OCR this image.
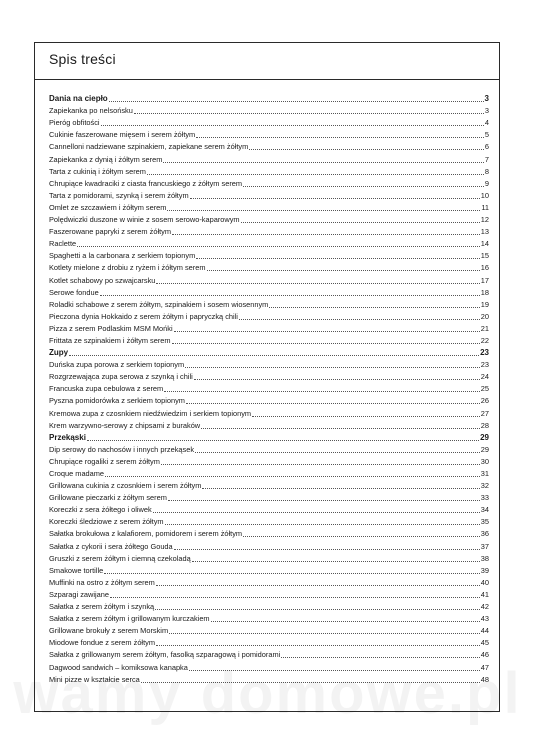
Spis treści
Dania na ciepło	3
Zapiekanka po nelsońsku	3
Pieróg obfitości	4
Cukinie faszerowane mięsem i serem żółtym	5
Cannelloni nadziewane szpinakiem, zapiekane serem żółtym	6
Zapiekanka z dynią i żółtym serem	7
Tarta z cukinią i żółtym serem	8
Chrupiące kwadraciki z ciasta francuskiego z żółtym serem	9
Tarta z pomidorami, szynką i serem żółtym	10
Omlet ze szczawiem i żółtym serem	11
Polędwiczki duszone w winie z sosem serowo-kaparowym	12
Faszerowane papryki z serem żółtym	13
Raclette	14
Spaghetti a la carbonara z serkiem topionym	15
Kotlety mielone z drobiu z ryżem i żółtym serem	16
Kotlet schabowy po szwajcarsku	17
Serowe fondue	18
Roladki schabowe z serem żółtym, szpinakiem i sosem wiosennym	19
Pieczona dynia Hokkaido z serem żółtym i papryczką chili	20
Pizza z serem Podlaskim MSM Mońki	21
Frittata ze szpinakiem i żółtym serem	22
Zupy	23
Duńska zupa porowa z serkiem topionym	23
Rozgrzewająca zupa serowa z szynką i chili	24
Francuska zupa cebulowa z serem	25
Pyszna pomidorówka z serkiem topionym	26
Kremowa zupa z czosnkiem niedźwiedzim i serkiem topionym	27
Krem warzywno-serowy z chipsami z buraków	28
Przekąski	29
Dip serowy do nachosów i innych przekąsek	29
Chrupiące rogaliki z serem żółtym	30
Croque madame	31
Grillowana cukinia z czosnkiem i serem żółtym	32
Grillowane pieczarki z żółtym serem	33
Koreczki z sera żółtego i oliwek	34
Koreczki śledziowe z serem żółtym	35
Sałatka brokułowa z kalafiorem, pomidorem i serem żółtym	36
Sałatka z cykorii i sera żółtego Gouda	37
Gruszki z serem żółtym i ciemną czekoladą	38
Smakowe tortille	39
Muffinki na ostro z żółtym serem	40
Szparagi zawijane	41
Sałatka z serem żółtym i szynką	42
Sałatka z serem żółtym i grillowanym kurczakiem	43
Grillowane brokuły z serem Morskim	44
Miodowe fondue z serem żółtym	45
Sałatka z grillowanym serem żółtym, fasolką szparagową i pomidorami	46
Dagwood sandwich – komiksowa kanapka	47
Mini pizze w kształcie serca	48
